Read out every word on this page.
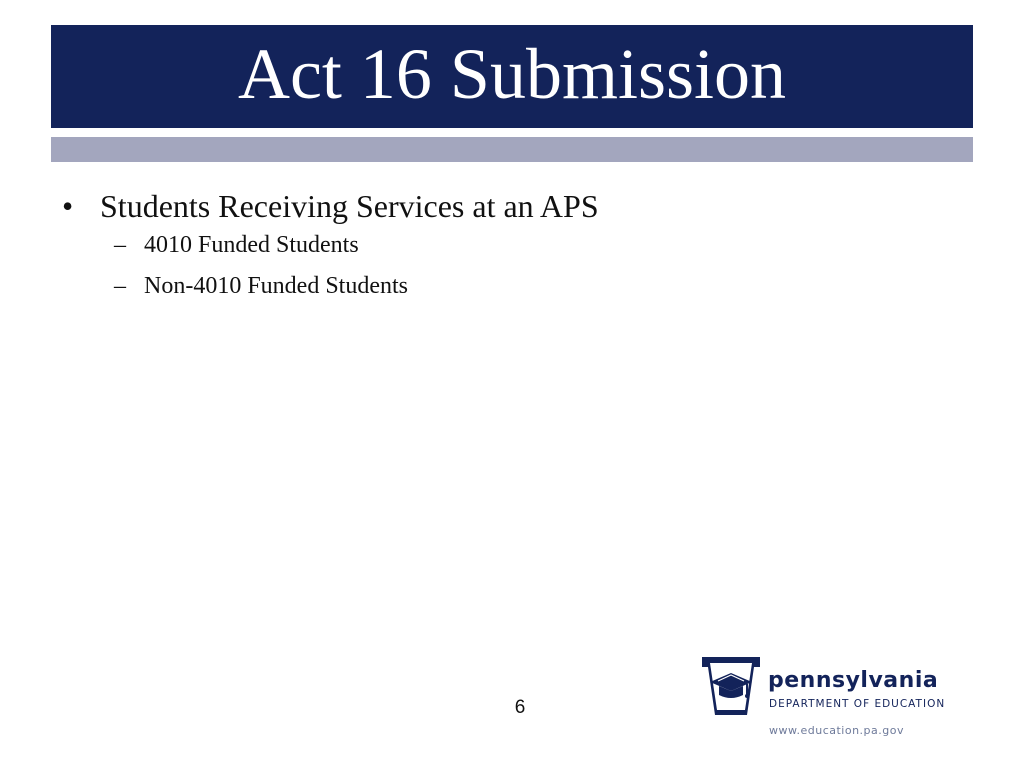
Act 16 Submission
• Students Receiving Services at an APS
– 4010 Funded Students
– Non-4010 Funded Students
6
pennsylvania
DEPARTMENT OF EDUCATION
www.education.pa.gov
